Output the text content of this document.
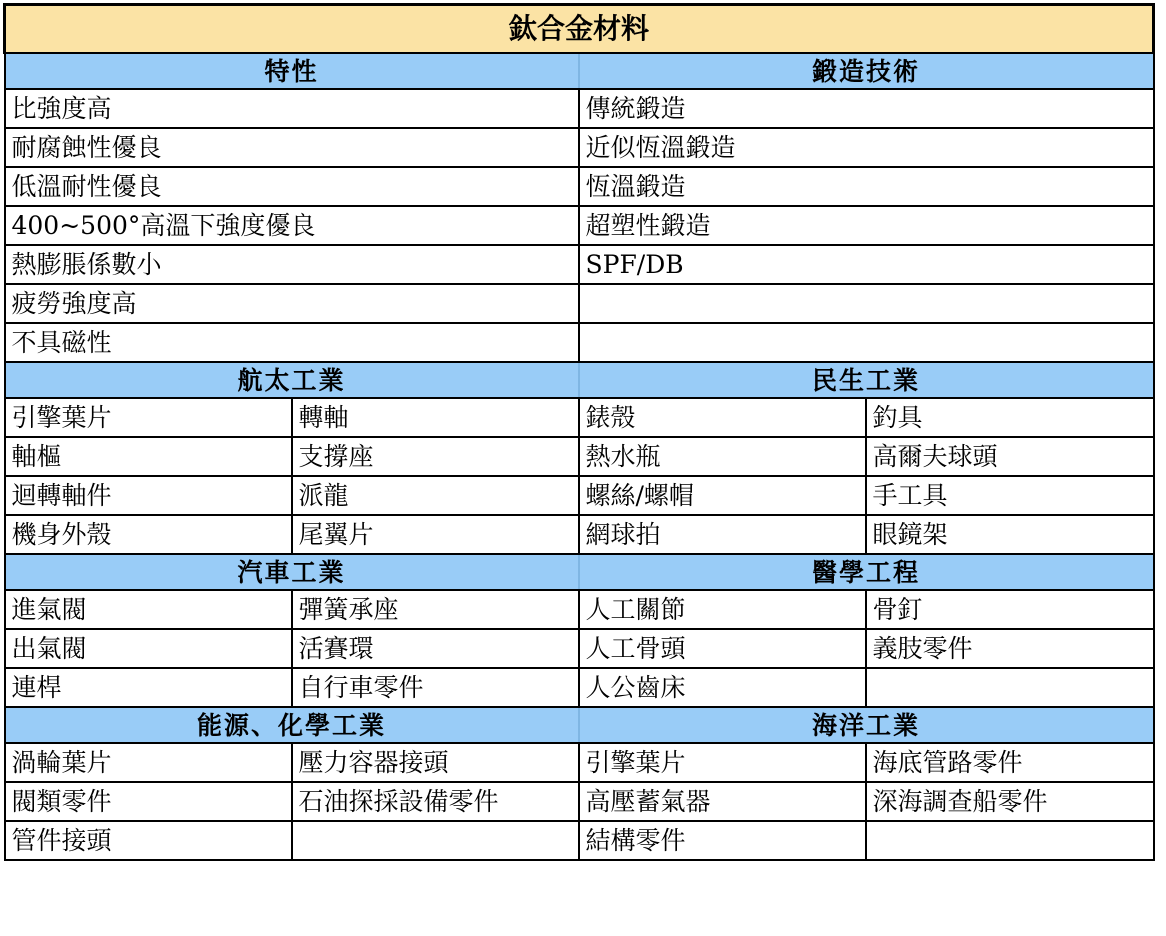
鈦合金材料			
特性		鍛造技術	
比強度高		傳統鍛造	
耐腐蝕性優良		近似恆溫鍛造	
低溫耐性優良		恆溫鍛造	
400~500°高溫下強度優良		超塑性鍛造	
熱膨脹係數小		SPF/DB	
疲勞強度高			
不具磁性			
航太工業		民生工業	
引擎葉片	轉軸	錶殼	釣具
軸樞	支撐座	熱水瓶	高爾夫球頭
迴轉軸件	派龍	螺絲/螺帽	手工具
機身外殼	尾翼片	網球拍	眼鏡架
汽車工業		醫學工程	
進氣閥	彈簧承座	人工關節	骨釘
出氣閥	活賽環	人工骨頭	義肢零件
連桿	自行車零件	人公齒床	
能源、化學工業		海洋工業	
渦輪葉片	壓力容器接頭	引擎葉片	海底管路零件
閥類零件	石油探採設備零件	高壓蓄氣器	深海調查船零件
管件接頭		結構零件	
